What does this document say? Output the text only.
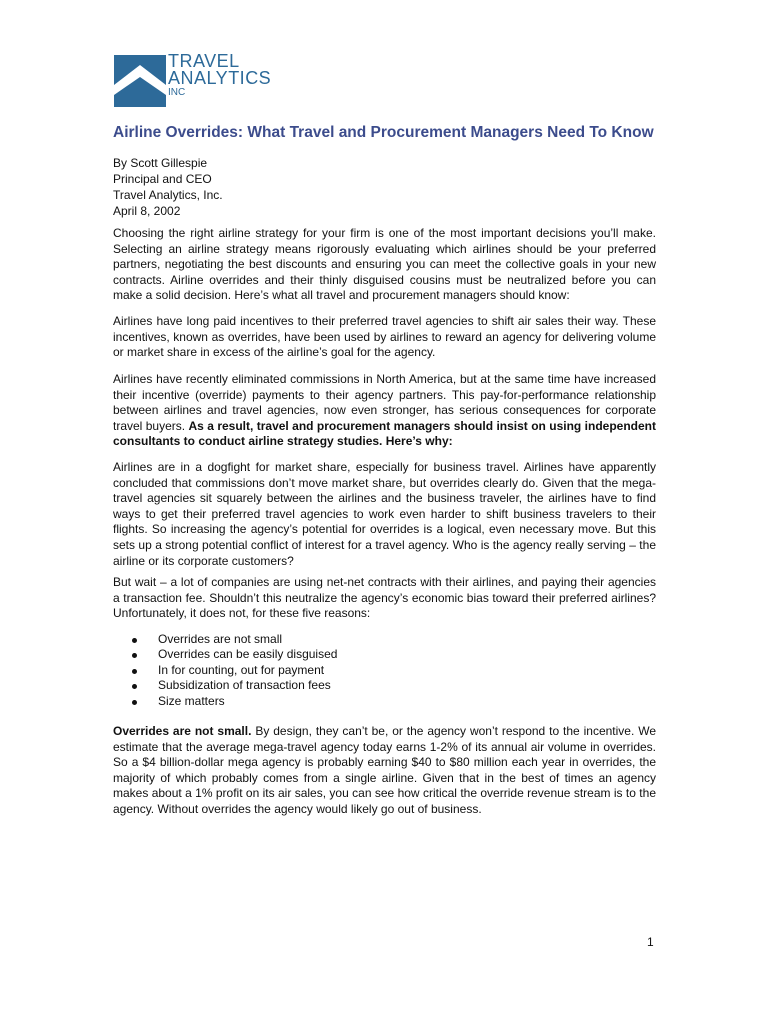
TRAVEL
ANALYTICS
INC
Airline Overrides: What Travel and Procurement Managers Need To Know
By Scott Gillespie
Principal and CEO
Travel Analytics, Inc.
April 8, 2002

Choosing the right airline strategy for your firm is one of the most important decisions you’ll make. Selecting an airline strategy means rigorously evaluating which airlines should be your preferred partners, negotiating the best discounts and ensuring you can meet the collective goals in your new contracts. Airline overrides and their thinly disguised cousins must be neutralized before you can make a solid decision. Here’s what all travel and procurement managers should know:

Airlines have long paid incentives to their preferred travel agencies to shift air sales their way. These incentives, known as overrides, have been used by airlines to reward an agency for delivering volume or market share in excess of the airline’s goal for the agency.

Airlines have recently eliminated commissions in North America, but at the same time have increased their incentive (override) payments to their agency partners. This pay-for-performance relationship between airlines and travel agencies, now even stronger, has serious consequences for corporate travel buyers. As a result, travel and procurement managers should insist on using independent consultants to conduct airline strategy studies. Here’s why:

Airlines are in a dogfight for market share, especially for business travel. Airlines have apparently concluded that commissions don’t move market share, but overrides clearly do. Given that the mega-travel agencies sit squarely between the airlines and the business traveler, the airlines have to find ways to get their preferred travel agencies to work even harder to shift business travelers to their flights. So increasing the agency’s potential for overrides is a logical, even necessary move. But this sets up a strong potential conflict of interest for a travel agency. Who is the agency really serving – the airline or its corporate customers?

But wait – a lot of companies are using net-net contracts with their airlines, and paying their agencies a transaction fee. Shouldn’t this neutralize the agency’s economic bias toward their preferred airlines? Unfortunately, it does not, for these five reasons:

Overrides are not small
Overrides can be easily disguised
In for counting, out for payment
Subsidization of transaction fees
Size matters

Overrides are not small. By design, they can’t be, or the agency won’t respond to the incentive. We estimate that the average mega-travel agency today earns 1-2% of its annual air volume in overrides. So a $4 billion-dollar mega agency is probably earning $40 to $80 million each year in overrides, the majority of which probably comes from a single airline. Given that in the best of times an agency makes about a 1% profit on its air sales, you can see how critical the override revenue stream is to the agency. Without overrides the agency would likely go out of business.

1
